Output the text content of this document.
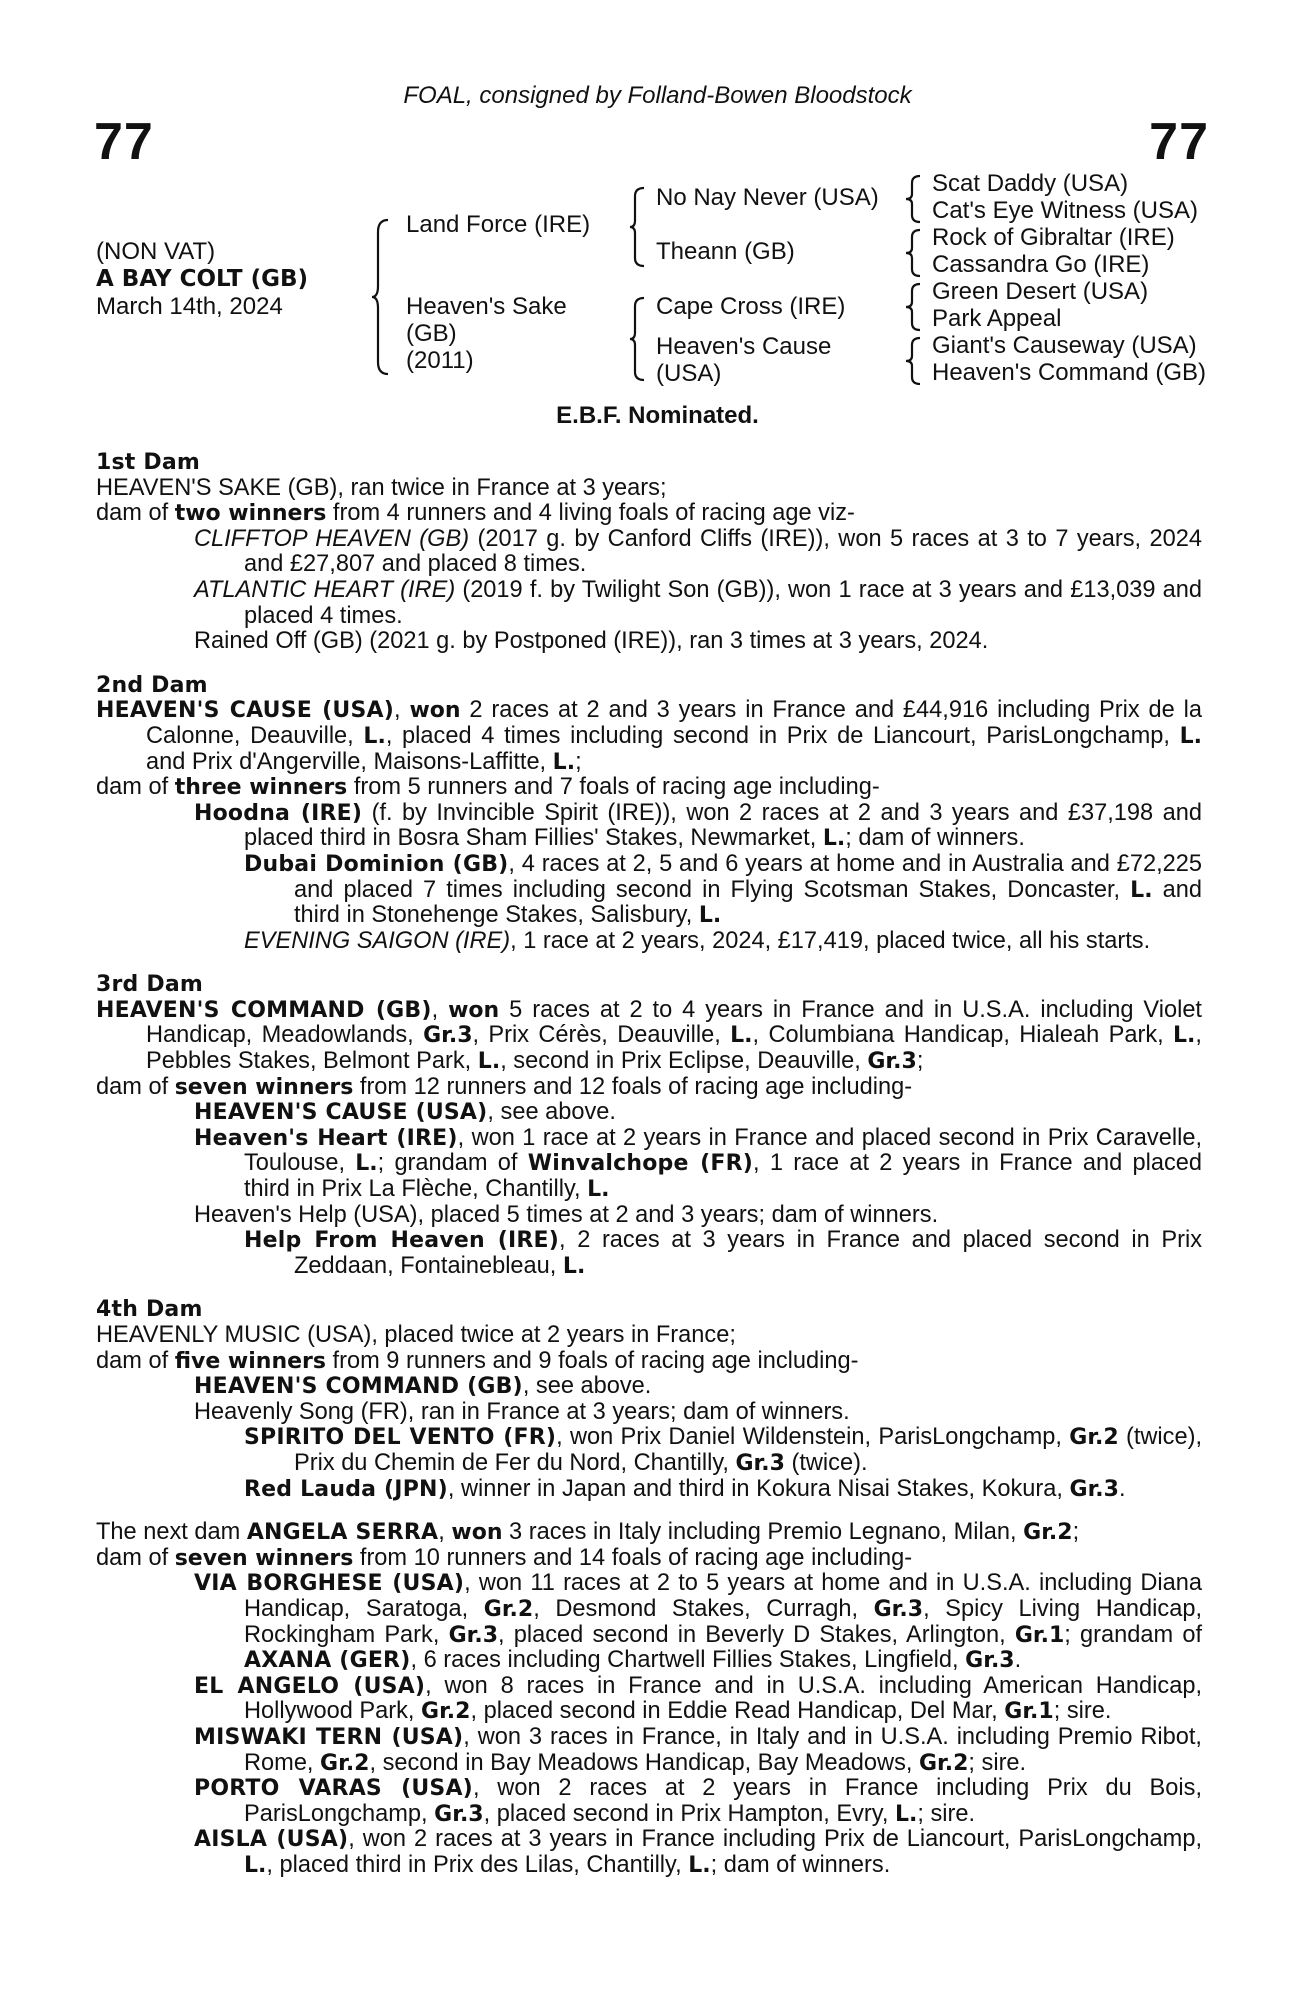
FOAL, consigned by Folland-Bowen Bloodstock
77	77
(NON VAT)
A BAY COLT (GB)
March 14th, 2024
Land Force (IRE)
Heaven's Sake
(GB)
(2011)
No Nay Never (USA)
Theann (GB)
Cape Cross (IRE)
Heaven's Cause
(USA)
Scat Daddy (USA)
Cat's Eye Witness (USA)
Rock of Gibraltar (IRE)
Cassandra Go (IRE)
Green Desert (USA)
Park Appeal
Giant's Causeway (USA)
Heaven's Command (GB)
E.B.F. Nominated.

1st Dam

HEAVEN'S SAKE (GB), ran twice in France at 3 years;

dam of two winners from 4 runners and 4 living foals of racing age viz-

CLIFFTOP HEAVEN (GB) (2017 g. by Canford Cliffs (IRE)), won 5 races at 3 to 7 years, 2024 and £27,807 and placed 8 times.

ATLANTIC HEART (IRE) (2019 f. by Twilight Son (GB)), won 1 race at 3 years and £13,039 and placed 4 times.

Rained Off (GB) (2021 g. by Postponed (IRE)), ran 3 times at 3 years, 2024.

2nd Dam

HEAVEN'S CAUSE (USA), won 2 races at 2 and 3 years in France and £44,916 including Prix de la Calonne, Deauville, L., placed 4 times including second in Prix de Liancourt, ParisLongchamp, L. and Prix d'Angerville, Maisons-Laffitte, L.;

dam of three winners from 5 runners and 7 foals of racing age including-

Hoodna (IRE) (f. by Invincible Spirit (IRE)), won 2 races at 2 and 3 years and £37,198 and placed third in Bosra Sham Fillies' Stakes, Newmarket, L.; dam of winners.

Dubai Dominion (GB), 4 races at 2, 5 and 6 years at home and in Australia and £72,225 and placed 7 times including second in Flying Scotsman Stakes, Doncaster, L. and third in Stonehenge Stakes, Salisbury, L.

EVENING SAIGON (IRE), 1 race at 2 years, 2024, £17,419, placed twice, all his starts.

3rd Dam

HEAVEN'S COMMAND (GB), won 5 races at 2 to 4 years in France and in U.S.A. including Violet Handicap, Meadowlands, Gr.3, Prix Cérès, Deauville, L., Columbiana Handicap, Hialeah Park, L., Pebbles Stakes, Belmont Park, L., second in Prix Eclipse, Deauville, Gr.3;

dam of seven winners from 12 runners and 12 foals of racing age including-

HEAVEN'S CAUSE (USA), see above.

Heaven's Heart (IRE), won 1 race at 2 years in France and placed second in Prix Caravelle, Toulouse, L.; grandam of Winvalchope (FR), 1 race at 2 years in France and placed third in Prix La Flèche, Chantilly, L.

Heaven's Help (USA), placed 5 times at 2 and 3 years; dam of winners.

Help From Heaven (IRE), 2 races at 3 years in France and placed second in Prix Zeddaan, Fontainebleau, L.

4th Dam

HEAVENLY MUSIC (USA), placed twice at 2 years in France;

dam of five winners from 9 runners and 9 foals of racing age including-

HEAVEN'S COMMAND (GB), see above.

Heavenly Song (FR), ran in France at 3 years; dam of winners.

SPIRITO DEL VENTO (FR), won Prix Daniel Wildenstein, ParisLongchamp, Gr.2 (twice), Prix du Chemin de Fer du Nord, Chantilly, Gr.3 (twice).

Red Lauda (JPN), winner in Japan and third in Kokura Nisai Stakes, Kokura, Gr.3.

The next dam ANGELA SERRA, won 3 races in Italy including Premio Legnano, Milan, Gr.2;

dam of seven winners from 10 runners and 14 foals of racing age including-

VIA BORGHESE (USA), won 11 races at 2 to 5 years at home and in U.S.A. including Diana Handicap, Saratoga, Gr.2, Desmond Stakes, Curragh, Gr.3, Spicy Living Handicap, Rockingham Park, Gr.3, placed second in Beverly D Stakes, Arlington, Gr.1; grandam of AXANA (GER), 6 races including Chartwell Fillies Stakes, Lingfield, Gr.3.

EL ANGELO (USA), won 8 races in France and in U.S.A. including American Handicap, Hollywood Park, Gr.2, placed second in Eddie Read Handicap, Del Mar, Gr.1; sire.

MISWAKI TERN (USA), won 3 races in France, in Italy and in U.S.A. including Premio Ribot, Rome, Gr.2, second in Bay Meadows Handicap, Bay Meadows, Gr.2; sire.

PORTO VARAS (USA), won 2 races at 2 years in France including Prix du Bois, ParisLongchamp, Gr.3, placed second in Prix Hampton, Evry, L.; sire.

AISLA (USA), won 2 races at 3 years in France including Prix de Liancourt, ParisLongchamp, L., placed third in Prix des Lilas, Chantilly, L.; dam of winners.
